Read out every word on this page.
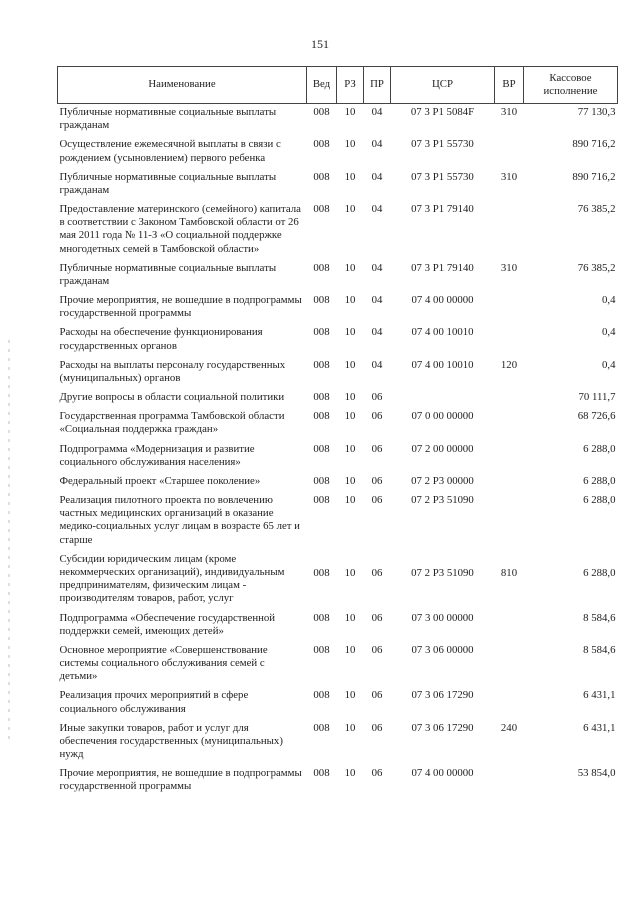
151
Наименование	Вед	РЗ	ПР	ЦСР	ВР	Кассовое исполнение
Публичные нормативные социальные выплаты гражданам	008	10	04	07 3 P1 5084F	310	77 130,3
Осуществление ежемесячной выплаты в связи с рождением (усыновлением) первого ребенка	008	10	04	07 3 P1 55730		890 716,2
Публичные нормативные социальные выплаты гражданам	008	10	04	07 3 P1 55730	310	890 716,2
Предоставление материнского (семейного) капитала в соответствии с Законом Тамбовской области от 26 мая 2011 года № 11-З «О социальной поддержке многодетных семей в Тамбовской области»	008	10	04	07 3 P1 79140		76 385,2
Публичные нормативные социальные выплаты гражданам	008	10	04	07 3 P1 79140	310	76 385,2
Прочие мероприятия, не вошедшие в подпрограммы государственной программы	008	10	04	07 4 00 00000		0,4
Расходы на обеспечение функционирования государственных органов	008	10	04	07 4 00 10010		0,4
Расходы на выплаты персоналу государственных (муниципальных) органов	008	10	04	07 4 00 10010	120	0,4
Другие вопросы в области социальной политики	008	10	06			70 111,7
Государственная программа Тамбовской области «Социальная поддержка граждан»	008	10	06	07 0 00 00000		68 726,6
Подпрограмма «Модернизация и развитие социального обслуживания населения»	008	10	06	07 2 00 00000		6 288,0
Федеральный проект «Старшее поколение»	008	10	06	07 2 P3 00000		6 288,0
Реализация пилотного проекта по вовлечению частных медицинских организаций в оказание медико-социальных услуг лицам в возрасте 65 лет и старше	008	10	06	07 2 P3 51090		6 288,0
Субсидии юридическим лицам (кроме некоммерческих организаций), индивидуальным предпринимателям, физическим лицам - производителям товаров, работ, услуг	008	10	06	07 2 P3 51090	810	6 288,0
Подпрограмма «Обеспечение государственной поддержки семей, имеющих детей»	008	10	06	07 3 00 00000		8 584,6
Основное мероприятие «Совершенствование системы социального обслуживания семей с детьми»	008	10	06	07 3 06 00000		8 584,6
Реализация прочих мероприятий в сфере социального обслуживания	008	10	06	07 3 06 17290		6 431,1
Иные закупки товаров, работ и услуг для обеспечения государственных (муниципальных) нужд	008	10	06	07 3 06 17290	240	6 431,1
Прочие мероприятия, не вошедшие в подпрограммы государственной программы	008	10	06	07 4 00 00000		53 854,0
